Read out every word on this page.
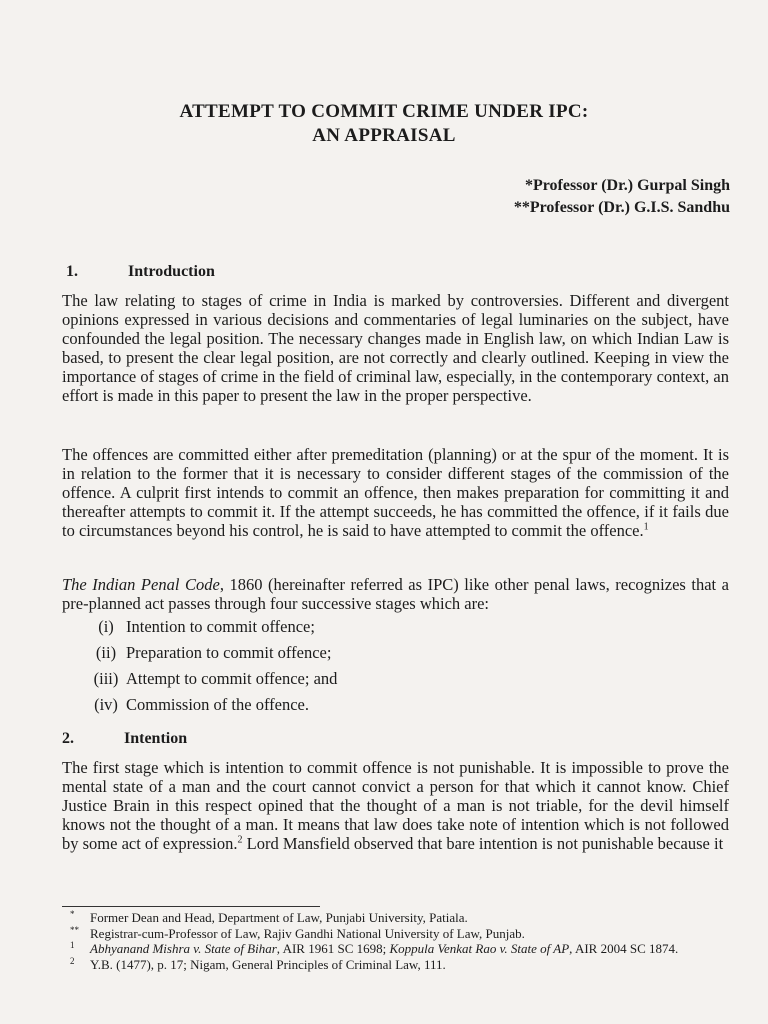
ATTEMPT TO COMMIT CRIME UNDER IPC:
AN APPRAISAL
*Professor (Dr.) Gurpal Singh
**Professor (Dr.) G.I.S. Sandhu
1.	Introduction
The law relating to stages of crime in India is marked by controversies. Different and divergent opinions expressed in various decisions and commentaries of legal luminaries on the subject, have confounded the legal position. The necessary changes made in English law, on which Indian Law is based, to present the clear legal position, are not correctly and clearly outlined. Keeping in view the importance of stages of crime in the field of criminal law, especially, in the contemporary context, an effort is made in this paper to present the law in the proper perspective.
The offences are committed either after premeditation (planning) or at the spur of the moment. It is in relation to the former that it is necessary to consider different stages of the commission of the offence. A culprit first intends to commit an offence, then makes preparation for committing it and thereafter attempts to commit it. If the attempt succeeds, he has committed the offence, if it fails due to circumstances beyond his control, he is said to have attempted to commit the offence.$^1$
The Indian Penal Code, 1860 (hereinafter referred as IPC) like other penal laws, recognizes that a pre-planned act passes through four successive stages which are:
(i) Intention to commit offence;
(ii) Preparation to commit offence;
(iii) Attempt to commit offence; and
(iv) Commission of the offence.
2.	Intention
The first stage which is intention to commit offence is not punishable. It is impossible to prove the mental state of a man and the court cannot convict a person for that which it cannot know. Chief Justice Brain in this respect opined that the thought of a man is not triable, for the devil himself knows not the thought of a man. It means that law does take note of intention which is not followed by some act of expression.$^2$ Lord Mansfield observed that bare intention is not punishable because it
* Former Dean and Head, Department of Law, Punjabi University, Patiala.
** Registrar-cum-Professor of Law, Rajiv Gandhi National University of Law, Punjab.
1 Abhyanand Mishra v. State of Bihar, AIR 1961 SC 1698; Koppula Venkat Rao v. State of AP, AIR 2004 SC 1874.
2 Y.B. (1477), p. 17; Nigam, General Principles of Criminal Law, 111.
